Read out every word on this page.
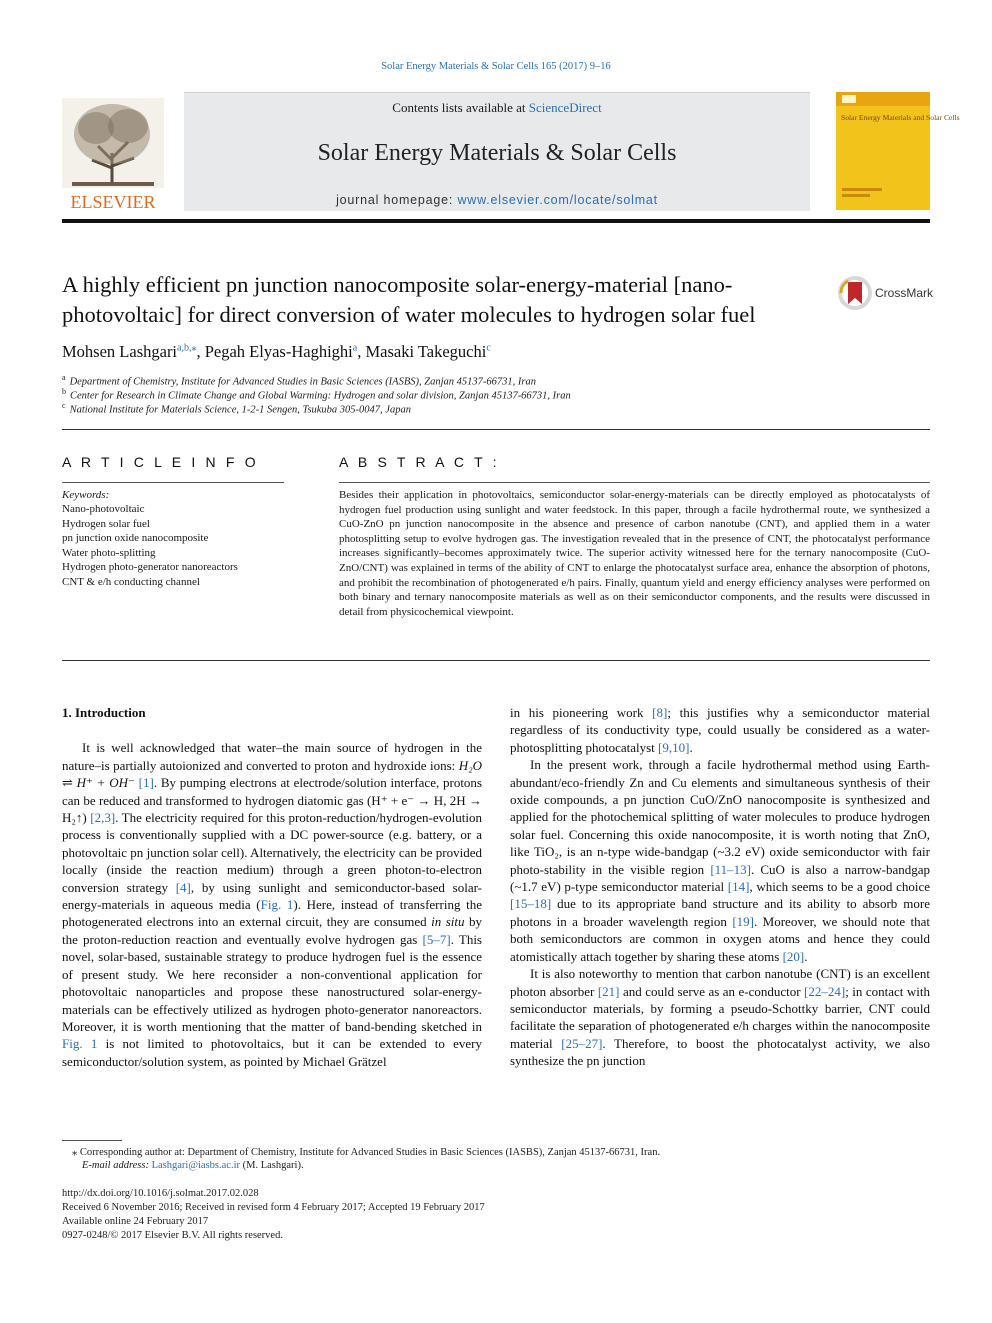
Solar Energy Materials & Solar Cells 165 (2017) 9–16
ELSEVIER
Contents lists available at ScienceDirect
Solar Energy Materials & Solar Cells
journal homepage: www.elsevier.com/locate/solmat
Solar Energy Materials and Solar Cells
A highly efficient pn junction nanocomposite solar-energy-material [nano-
photovoltaic] for direct conversion of water molecules to hydrogen solar fuel
CrossMark
Mohsen Lashgari$^{a,b,⁎}$, Pegah Elyas-Haghighi$^a$, Masaki Takeguchi$^c$
$^a$ Department of Chemistry, Institute for Advanced Studies in Basic Sciences (IASBS), Zanjan 45137-66731, Iran
$^b$ Center for Research in Climate Change and Global Warming: Hydrogen and solar division, Zanjan 45137-66731, Iran
$^c$ National Institute for Materials Science, 1-2-1 Sengen, Tsukuba 305-0047, Japan
A R T I C L E I N F O
Keywords:
Nano-photovoltaic
Hydrogen solar fuel
pn junction oxide nanocomposite
Water photo-splitting
Hydrogen photo-generator nanoreactors
CNT & e/h conducting channel
A B S T R A C T :
Besides their application in photovoltaics, semiconductor solar-energy-materials can be directly employed as photocatalysts of hydrogen fuel production using sunlight and water feedstock. In this paper, through a facile hydrothermal route, we synthesized a CuO-ZnO pn junction nanocomposite in the absence and presence of carbon nanotube (CNT), and applied them in a water photosplitting setup to evolve hydrogen gas. The investigation revealed that in the presence of CNT, the photocatalyst performance increases significantly–becomes approximately twice. The superior activity witnessed here for the ternary nanocomposite (CuO-ZnO/CNT) was explained in terms of the ability of CNT to enlarge the photocatalyst surface area, enhance the absorption of photons, and prohibit the recombination of photogenerated e/h pairs. Finally, quantum yield and energy efficiency analyses were performed on both binary and ternary nanocomposite materials as well as on their semiconductor components, and the results were discussed in detail from physicochemical viewpoint.
1. Introduction

It is well acknowledged that water–the main source of hydrogen in the nature–is partially autoionized and converted to proton and hydroxide ions: H₂O ⇌ H⁺ + OH⁻ [1]. By pumping electrons at electrode/solution interface, protons can be reduced and transformed to hydrogen diatomic gas (H⁺ + e⁻ → H, 2H → H₂↑) [2,3]. The electricity required for this proton-reduction/hydrogen-evolution process is conventionally supplied with a DC power-source (e.g. battery, or a photovoltaic pn junction solar cell). Alternatively, the electricity can be provided locally (inside the reaction medium) through a green photon-to-electron conversion strategy [4], by using sunlight and semiconductor-based solar-energy-materials in aqueous media (Fig. 1). Here, instead of transferring the photogenerated electrons into an external circuit, they are consumed in situ by the proton-reduction reaction and eventually evolve hydrogen gas [5–7]. This novel, solar-based, sustainable strategy to produce hydrogen fuel is the essence of present study. We here reconsider a non-conventional application for photovoltaic nanoparticles and propose these nanostructured solar-energy-materials can be effectively utilized as hydrogen photo-generator nanoreactors. Moreover, it is worth mentioning that the matter of band-bending sketched in Fig. 1 is not limited to photovoltaics, but it can be extended to every semiconductor/solution system, as pointed by Michael Grätzel

in his pioneering work [8]; this justifies why a semiconductor material regardless of its conductivity type, could usually be considered as a water-photosplitting photocatalyst [9,10].

In the present work, through a facile hydrothermal method using Earth-abundant/eco-friendly Zn and Cu elements and simultaneous synthesis of their oxide compounds, a pn junction CuO/ZnO nanocomposite is synthesized and applied for the photochemical splitting of water molecules to produce hydrogen solar fuel. Concerning this oxide nanocomposite, it is worth noting that ZnO, like TiO₂, is an n-type wide-bandgap (~3.2 eV) oxide semiconductor with fair photo-stability in the visible region [11–13]. CuO is also a narrow-bandgap (~1.7 eV) p-type semiconductor material [14], which seems to be a good choice [15–18] due to its appropriate band structure and its ability to absorb more photons in a broader wavelength region [19]. Moreover, we should note that both semiconductors are common in oxygen atoms and hence they could atomistically attach together by sharing these atoms [20].

It is also noteworthy to mention that carbon nanotube (CNT) is an excellent photon absorber [21] and could serve as an e-conductor [22–24]; in contact with semiconductor materials, by forming a pseudo-Schottky barrier, CNT could facilitate the separation of photogenerated e/h charges within the nanocomposite material [25–27]. Therefore, to boost the photocatalyst activity, we also synthesize the pn junction

⁎ Corresponding author at: Department of Chemistry, Institute for Advanced Studies in Basic Sciences (IASBS), Zanjan 45137-66731, Iran.
E-mail address: Lashgari@iasbs.ac.ir (M. Lashgari).
http://dx.doi.org/10.1016/j.solmat.2017.02.028
Received 6 November 2016; Received in revised form 4 February 2017; Accepted 19 February 2017
Available online 24 February 2017
0927-0248/© 2017 Elsevier B.V. All rights reserved.
